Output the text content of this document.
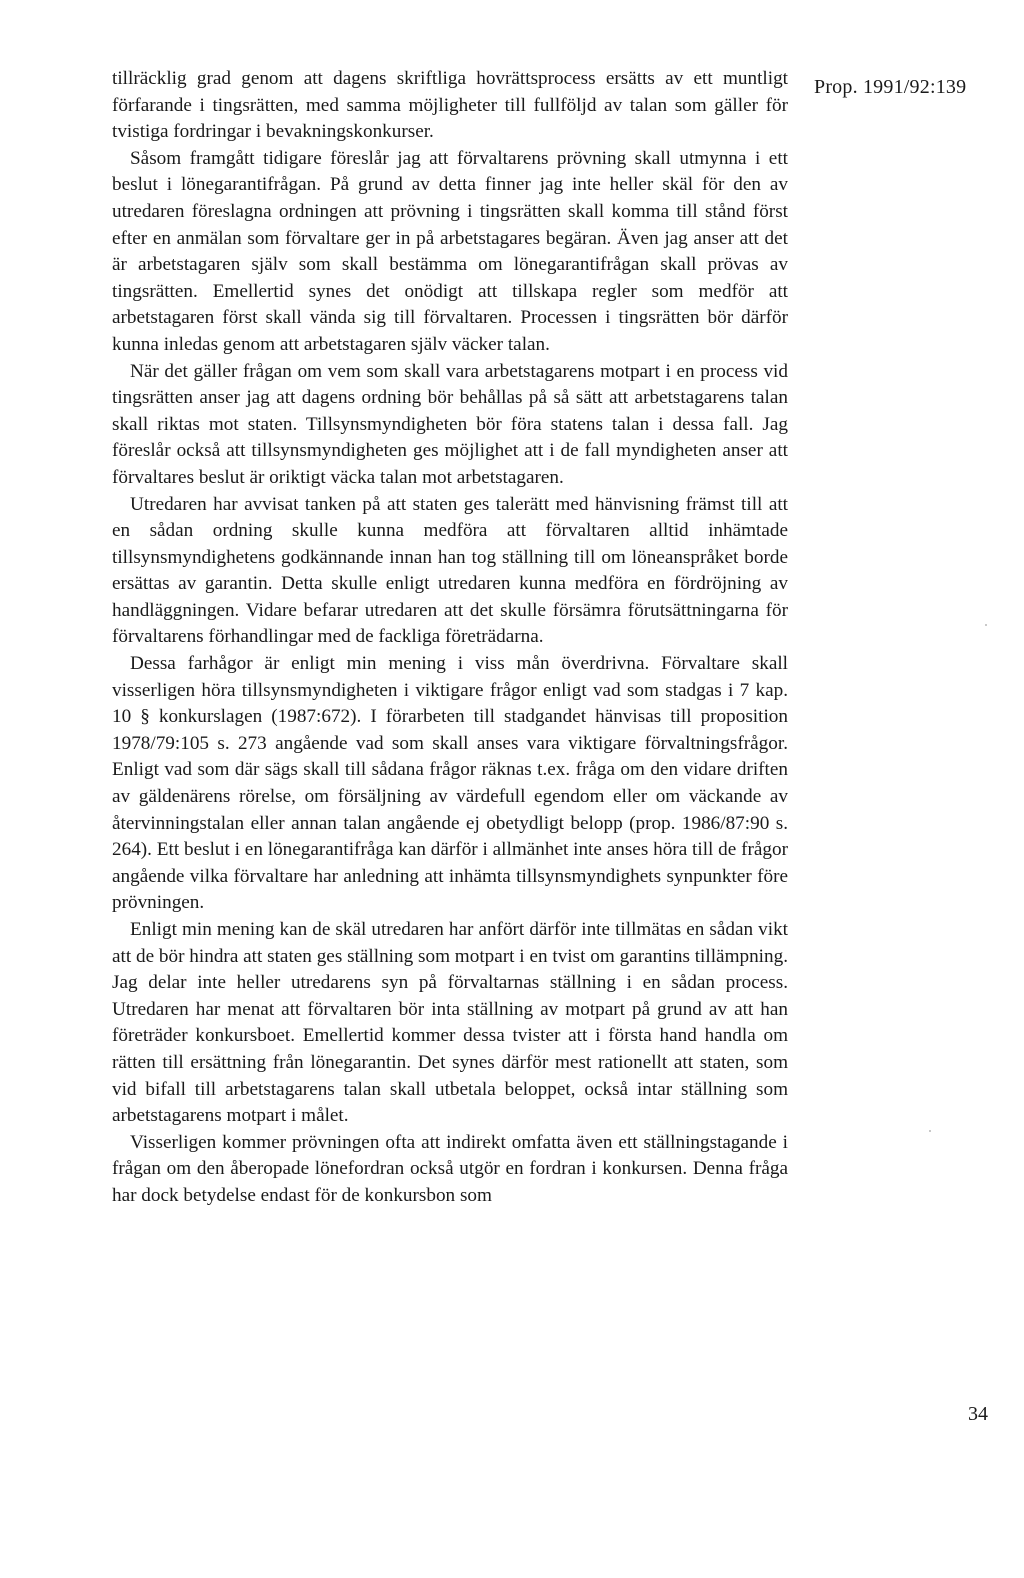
Prop. 1991/92:139

tillräcklig grad genom att dagens skriftliga hovrättsprocess ersätts av ett muntligt förfarande i tingsrätten, med samma möjligheter till fullföljd av talan som gäller för tvistiga fordringar i bevakningskonkurser.

Såsom framgått tidigare föreslår jag att förvaltarens prövning skall utmynna i ett beslut i lönegarantifrågan. På grund av detta finner jag inte heller skäl för den av utredaren föreslagna ordningen att prövning i tingsrätten skall komma till stånd först efter en anmälan som förvaltare ger in på arbetstagares begäran. Även jag anser att det är arbetstagaren själv som skall bestämma om lönegarantifrågan skall prövas av tingsrätten. Emellertid synes det onödigt att tillskapa regler som medför att arbetstagaren först skall vända sig till förvaltaren. Processen i tingsrätten bör därför kunna inledas genom att arbetstagaren själv väcker talan.

När det gäller frågan om vem som skall vara arbetstagarens motpart i en process vid tingsrätten anser jag att dagens ordning bör behållas på så sätt att arbetstagarens talan skall riktas mot staten. Tillsynsmyndigheten bör föra statens talan i dessa fall. Jag föreslår också att tillsynsmyndigheten ges möjlighet att i de fall myndigheten anser att förvaltares beslut är oriktigt väcka talan mot arbetstagaren.

Utredaren har avvisat tanken på att staten ges talerätt med hänvisning främst till att en sådan ordning skulle kunna medföra att förvaltaren alltid inhämtade tillsynsmyndighetens godkännande innan han tog ställning till om löneanspråket borde ersättas av garantin. Detta skulle enligt utredaren kunna medföra en fördröjning av handläggningen. Vidare befarar utredaren att det skulle försämra förutsättningarna för förvaltarens förhandlingar med de fackliga företrädarna.

Dessa farhågor är enligt min mening i viss mån överdrivna. Förvaltare skall visserligen höra tillsynsmyndigheten i viktigare frågor enligt vad som stadgas i 7 kap. 10 § konkurslagen (1987:672). I förarbeten till stadgandet hänvisas till proposition 1978/79:105 s. 273 angående vad som skall anses vara viktigare förvaltningsfrågor. Enligt vad som där sägs skall till sådana frågor räknas t.ex. fråga om den vidare driften av gäldenärens rörelse, om försäljning av värdefull egendom eller om väckande av återvinningstalan eller annan talan angående ej obetydligt belopp (prop. 1986/87:90 s. 264). Ett beslut i en lönegarantifråga kan därför i allmänhet inte anses höra till de frågor angående vilka förvaltare har anledning att inhämta tillsynsmyndighets synpunkter före prövningen.

Enligt min mening kan de skäl utredaren har anfört därför inte tillmätas en sådan vikt att de bör hindra att staten ges ställning som motpart i en tvist om garantins tillämpning. Jag delar inte heller utredarens syn på förvaltarnas ställning i en sådan process. Utredaren har menat att förvaltaren bör inta ställning av motpart på grund av att han företräder konkursboet. Emellertid kommer dessa tvister att i första hand handla om rätten till ersättning från lönegarantin. Det synes därför mest rationellt att staten, som vid bifall till arbetstagarens talan skall utbetala beloppet, också intar ställning som arbetstagarens motpart i målet.

Visserligen kommer prövningen ofta att indirekt omfatta även ett ställningstagande i frågan om den åberopade lönefordran också utgör en fordran i konkursen. Denna fråga har dock betydelse endast för de konkursbon som

34
